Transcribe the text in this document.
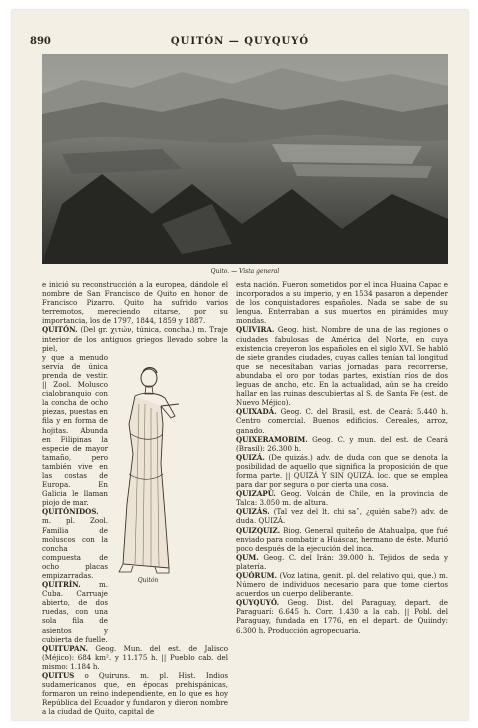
890	QUITÓN — QUYQUYÓ
Quito. — Vista general

e inició su reconstrucción a la europea, dándole el nombre de San Francisco de Quito en honor de Francisco Pizarro. Quito ha sufrido varios terremotos, mereciendo citarse, por su importancia, los de 1797, 1844, 1859 y 1887.

QUITÓN. (Del gr. χιτών, túnica, concha.) m. Traje interior de los antiguos griegos llevado sobre la piel,

y que a menudo servía de única prenda de vestir. || Zool. Molusco cialobranquio con la concha de ocho piezas, puestas en fila y en forma de hojitas. Abunda en Filipinas la especie de mayor tamaño, pero también vive en las costas de Europa. En Galicia le llaman piojo de mar.

QUITÓNIDOS. m. pl. Zool. Familia de moluscos con la concha compuesta de ocho placas empizarradas.

QUITRÍN.	m. Cuba. Carruaje abierto, de dos ruedas, con una sola fila de asientos y cubierta de fuelle.

QUITUPAN. Geog. Mun. del est. de Jalisco (Méjico): 684 km². y 11.175 h. || Pueblo cab. del mismo: 1.184 h.

QUITUS o Quiruns. m. pl. Hist. Indios sudamericanos que, en épocas prehispánicas, formaron un reino independiente, en lo que es hoy República del Ecuador y fundaron y dieron nombre a la ciudad de Quito, capital de

Quitón

esta nación. Fueron sometidos por el inca Huaina Capac e incorporados a su imperio, y en 1534 pasaron a depender de los conquistadores españoles. Nada se sabe de su lengua. Enterraban a sus muertos en pirámides muy mondas.

QUIVIRA. Geog. hist. Nombre de una de las regiones o ciudades fabulosas de América del Norte, en cuya existencia creyeron los españoles en el siglo XVI. Se habló de siete grandes ciudades, cuyas calles tenían tal longitud que se necesitaban varias jornadas para recorrerse, abundaba el oro por todas partes, existían ríos de dos leguas de ancho, etc. En la actualidad, aún se ha creído hallar en las ruinas descubiertas al S. de Santa Fe (est. de Nuevo Méjico).

QUIXADÁ. Geog. C. del Brasil, est. de Ceará: 5.440 h. Centro comercial. Buenos edificios. Cereales, arroz, ganado.

QUIXERAMOBIM. Geog. C. y mun. del est. de Ceará (Brasil): 26.300 h.

QUIZÁ. (De quizás.) adv. de duda con que se denota la posibilidad de aquello que significa la proposición de que forma parte. || QUIZÁ Y SIN QUIZÁ. loc. que se emplea para dar por segura o por cierta una cosa.

QUIZAPÚ. Geog. Volcán de Chile, en la provincia de Talca: 3.050 m. de altura.

QUIZÁS. (Tal vez del lt. chi saˆ, ¿quién sabe?) adv. de duda. QUIZÁ.

QUIZQUIZ. Biog. General quiteño de Atahualpa, que fué enviado para combatir a Huáscar, hermano de éste. Murió poco después de la ejecución del inca.

QUM. Geog. C. del Irán: 39.000 h. Tejidos de seda y platería.

QUÓRUM. (Voz latina, genit. pl. del relativo qui, que.) m. Número de individuos necesario para que tome ciertos acuerdos un cuerpo deliberante.

QUYQUYÓ. Geog. Dist. del Paraguay, depart. de Paraguarí: 6.645 h. Corr. 1.430 a la cab. || Pobl. del Paraguay, fundada en 1776, en el depart. de Quiindy: 6.300 h. Producción agropecuaria.
